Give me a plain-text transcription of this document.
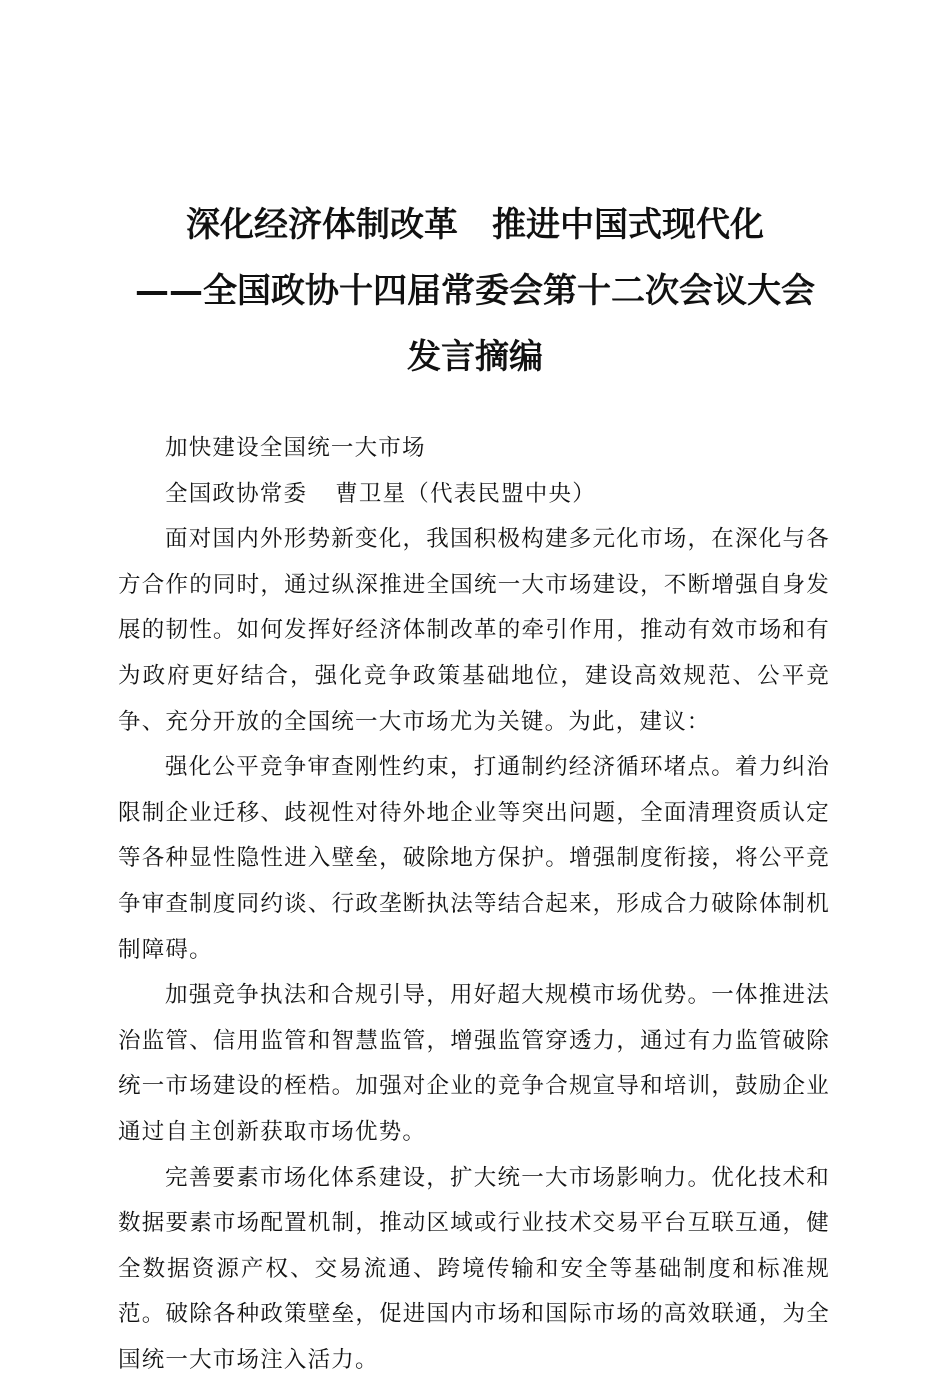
深化经济体制改革　推进中国式现代化
——全国政协十四届常委会第十二次会议大会
发言摘编

加快建设全国统一大市场

全国政协常委 曹卫星（代表民盟中央）

面对国内外形势新变化，我国积极构建多元化市场，在深化与各方合作的同时，通过纵深推进全国统一大市场建设，不断增强自身发展的韧性。如何发挥好经济体制改革的牵引作用，推动有效市场和有为政府更好结合，强化竞争政策基础地位，建设高效规范、公平竞争、充分开放的全国统一大市场尤为关键。为此，建议：

强化公平竞争审查刚性约束，打通制约经济循环堵点。着力纠治限制企业迁移、歧视性对待外地企业等突出问题，全面清理资质认定等各种显性隐性进入壁垒，破除地方保护。增强制度衔接，将公平竞争审查制度同约谈、行政垄断执法等结合起来，形成合力破除体制机制障碍。

加强竞争执法和合规引导，用好超大规模市场优势。一体推进法治监管、信用监管和智慧监管，增强监管穿透力，通过有力监管破除统一市场建设的桎梏。加强对企业的竞争合规宣导和培训，鼓励企业通过自主创新获取市场优势。

完善要素市场化体系建设，扩大统一大市场影响力。优化技术和数据要素市场配置机制，推动区域或行业技术交易平台互联互通，健全数据资源产权、交易流通、跨境传输和安全等基础制度和标准规范。破除各种政策壁垒，促进国内市场和国际市场的高效联通，为全国统一大市场注入活力。
